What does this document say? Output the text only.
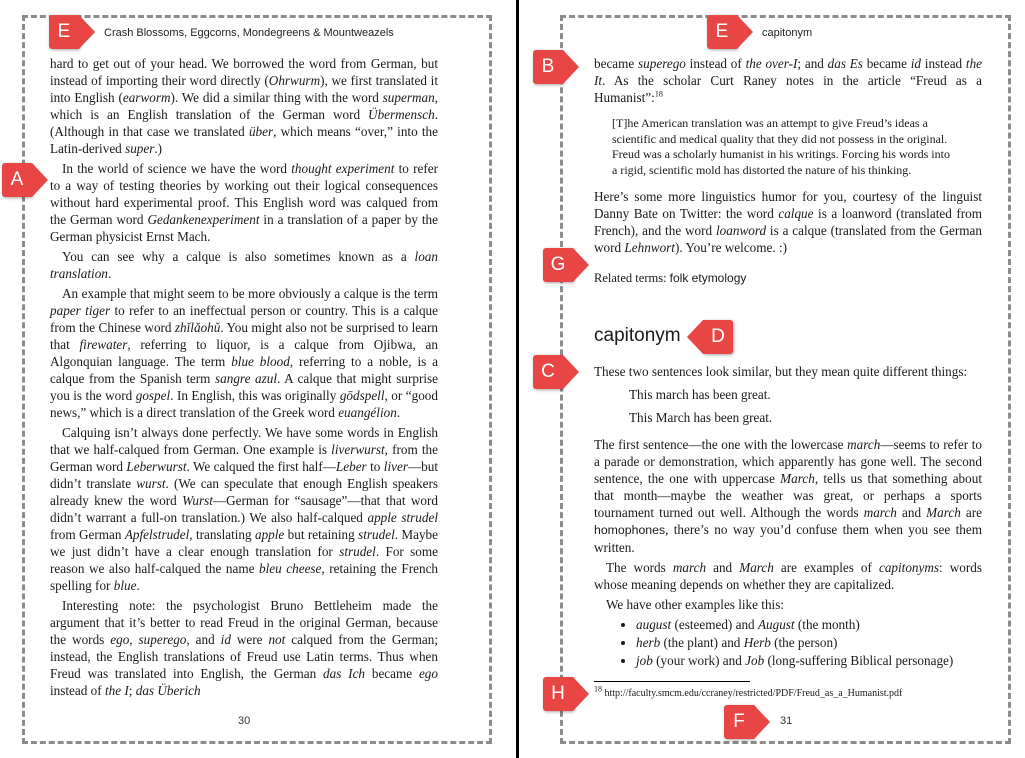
Crash Blossoms, Eggcorns, Mondegreens & Mountweazels

hard to get out of your head. We borrowed the word from German, but instead of importing their word directly (Ohrwurm), we first translated it into English (earworm). We did a similar thing with the word superman, which is an English translation of the German word Übermensch. (Although in that case we translated über, which means “over,” into the Latin-derived super.)

In the world of science we have the word thought experiment to refer to a way of testing theories by working out their logical consequences without hard experimental proof. This English word was calqued from the German word Gedankenexperiment in a translation of a paper by the German physicist Ernst Mach.

You can see why a calque is also sometimes known as a loan translation.

An example that might seem to be more obviously a calque is the term paper tiger to refer to an ineffectual person or country. This is a calque from the Chinese word zhǐlǎohǔ. You might also not be surprised to learn that firewater, referring to liquor, is a calque from Ojibwa, an Algonquian language. The term blue blood, referring to a noble, is a calque from the Spanish term sangre azul. A calque that might surprise you is the word gospel. In English, this was originally gōdspell, or “good news,” which is a direct translation of the Greek word euangélion.

Calquing isn’t always done perfectly. We have some words in English that we half-calqued from German. One example is liverwurst, from the German word Leberwurst. We calqued the first half—Leber to liver—but didn’t translate wurst. (We can speculate that enough English speakers already knew the word Wurst—German for “sausage”—that that word didn’t warrant a full-on translation.) We also half-calqued apple strudel from German Apfelstrudel, translating apple but retaining strudel. Maybe we just didn’t have a clear enough translation for strudel. For some reason we also half-calqued the name bleu cheese, retaining the French spelling for blue.

Interesting note: the psychologist Bruno Bettleheim made the argument that it’s better to read Freud in the original German, because the words ego, superego, and id were not calqued from the German; instead, the English translations of Freud use Latin terms. Thus when Freud was translated into English, the German das Ich became ego instead of the I; das Überich

30
capitonym

became superego instead of the over-I; and das Es became id instead the It. As the scholar Curt Raney notes in the article “Freud as a Humanist”:$^{18}$

[T]he American translation was an attempt to give Freud’s ideas a scientific and medical quality that they did not possess in the original. Freud was a scholarly humanist in his writings. Forcing his words into a rigid, scientific mold has distorted the nature of his thinking.

Here’s some more linguistics humor for you, courtesy of the linguist Danny Bate on Twitter: the word calque is a loanword (translated from French), and the word loanword is a calque (translated from the German word Lehnwort). You’re welcome. :)

Related terms: folk etymology
capitonym

These two sentences look similar, but they mean quite different things:

This march has been great.

This March has been great.

The first sentence—the one with the lowercase march—seems to refer to a parade or demonstration, which apparently has gone well. The second sentence, the one with uppercase March, tells us that something about that month—maybe the weather was great, or perhaps a sports tournament turned out well. Although the words march and March are homophones, there’s no way you’d confuse them when you see them written.

The words march and March are examples of capitonyms: words whose meaning depends on whether they are capitalized.

We have other examples like this:

• august (esteemed) and August (the month)
• herb (the plant) and Herb (the person)
• job (your work) and Job (long-suffering Biblical personage)
$^{18}$ http://faculty.smcm.edu/ccraney/restricted/PDF/Freud_as_a_Humanist.pdf
31
A
B
C
D
E	E
F
G
H
